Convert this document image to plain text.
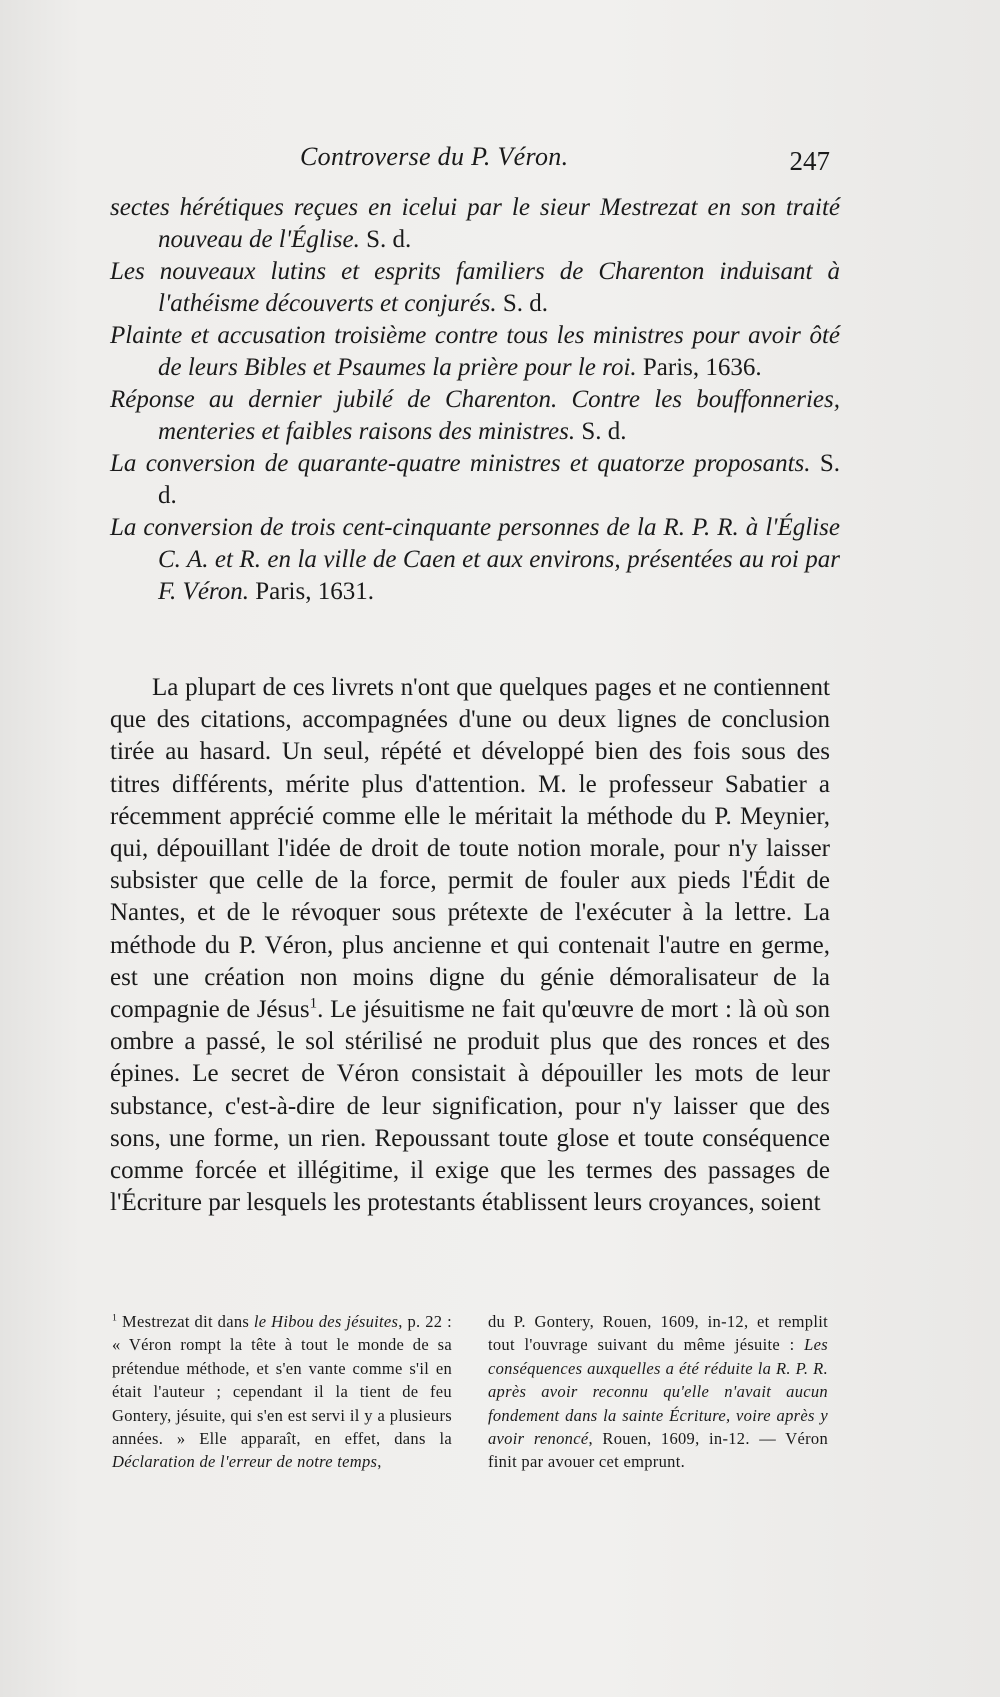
Controverse du P. Véron.	247

sectes hérétiques reçues en icelui par le sieur Mestrezat en son traité nouveau de l'Église. S. d.

Les nouveaux lutins et esprits familiers de Charenton induisant à l'athéisme découverts et conjurés. S. d.

Plainte et accusation troisième contre tous les ministres pour avoir ôté de leurs Bibles et Psaumes la prière pour le roi. Paris, 1636.

Réponse au dernier jubilé de Charenton. Contre les bouffonneries, menteries et faibles raisons des ministres. S. d.

La conversion de quarante-quatre ministres et quatorze proposants. S. d.

La conversion de trois cent-cinquante personnes de la R. P. R. à l'Église C. A. et R. en la ville de Caen et aux environs, présentées au roi par F. Véron. Paris, 1631.

La plupart de ces livrets n'ont que quelques pages et ne contiennent que des citations, accompagnées d'une ou deux lignes de conclusion tirée au hasard. Un seul, répété et développé bien des fois sous des titres différents, mérite plus d'attention. M. le professeur Sabatier a récemment apprécié comme elle le méritait la méthode du P. Meynier, qui, dépouillant l'idée de droit de toute notion morale, pour n'y laisser subsister que celle de la force, permit de fouler aux pieds l'Édit de Nantes, et de le révoquer sous prétexte de l'exécuter à la lettre. La méthode du P. Véron, plus ancienne et qui contenait l'autre en germe, est une création non moins digne du génie démoralisateur de la compagnie de Jésus$^1$. Le jésuitisme ne fait qu'œuvre de mort : là où son ombre a passé, le sol stérilisé ne produit plus que des ronces et des épines. Le secret de Véron consistait à dépouiller les mots de leur substance, c'est-à-dire de leur signification, pour n'y laisser que des sons, une forme, un rien. Repoussant toute glose et toute conséquence comme forcée et illégitime, il exige que les termes des passages de l'Écriture par lesquels les protestants établissent leurs croyances, soient

$^1$ Mestrezat dit dans le Hibou des jésuites, p. 22 : « Véron rompt la tête à tout le monde de sa prétendue méthode, et s'en vante comme s'il en était l'auteur ; cependant il la tient de feu Gontery, jésuite, qui s'en est servi il y a plusieurs années. » Elle apparaît, en effet, dans la Déclaration de l'erreur de notre temps,
du P. Gontery, Rouen, 1609, in-12, et remplit tout l'ouvrage suivant du même jésuite : Les conséquences auxquelles a été réduite la R. P. R. après avoir reconnu qu'elle n'avait aucun fondement dans la sainte Écriture, voire après y avoir renoncé, Rouen, 1609, in-12. — Véron finit par avouer cet emprunt.
